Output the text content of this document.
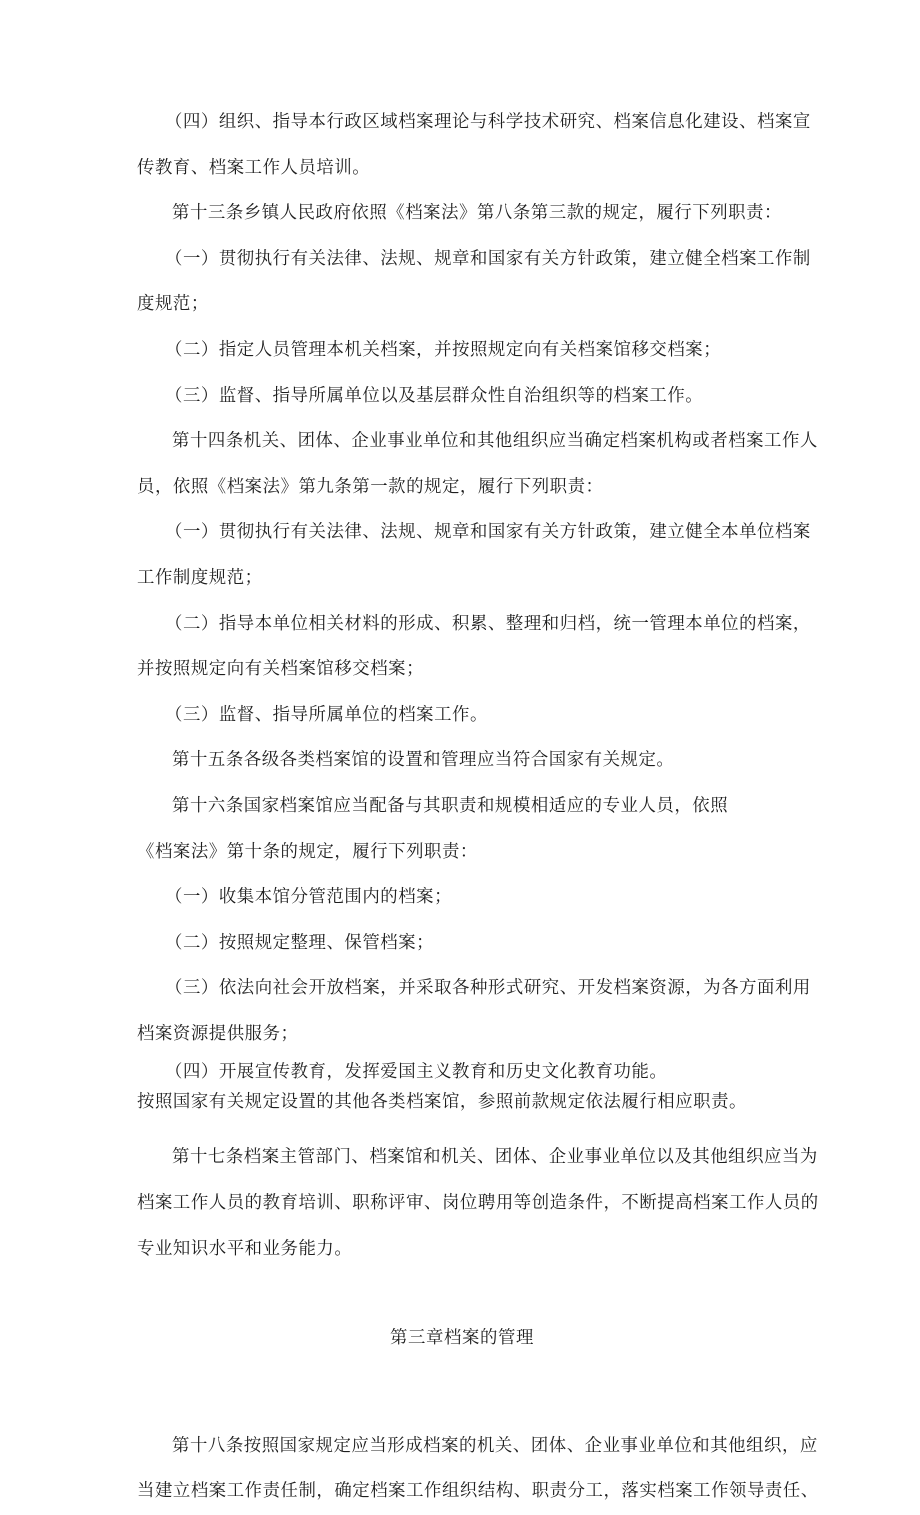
（四）组织、指导本行政区域档案理论与科学技术研究、档案信息化建设、档案宣
传教育、档案工作人员培训。
第十三条乡镇人民政府依照《档案法》第八条第三款的规定，履行下列职责：
（一）贯彻执行有关法律、法规、规章和国家有关方针政策，建立健全档案工作制
度规范；
（二）指定人员管理本机关档案，并按照规定向有关档案馆移交档案；
（三）监督、指导所属单位以及基层群众性自治组织等的档案工作。
第十四条机关、团体、企业事业单位和其他组织应当确定档案机构或者档案工作人
员，依照《档案法》第九条第一款的规定，履行下列职责：
（一）贯彻执行有关法律、法规、规章和国家有关方针政策，建立健全本单位档案
工作制度规范；
（二）指导本单位相关材料的形成、积累、整理和归档，统一管理本单位的档案，
并按照规定向有关档案馆移交档案；
（三）监督、指导所属单位的档案工作。
第十五条各级各类档案馆的设置和管理应当符合国家有关规定。
第十六条国家档案馆应当配备与其职责和规模相适应的专业人员，依照
《档案法》第十条的规定，履行下列职责：
（一）收集本馆分管范围内的档案；
（二）按照规定整理、保管档案；
（三）依法向社会开放档案，并采取各种形式研究、开发档案资源，为各方面利用
档案资源提供服务；
（四）开展宣传教育，发挥爱国主义教育和历史文化教育功能。
按照国家有关规定设置的其他各类档案馆，参照前款规定依法履行相应职责。
第十七条档案主管部门、档案馆和机关、团体、企业事业单位以及其他组织应当为
档案工作人员的教育培训、职称评审、岗位聘用等创造条件，不断提高档案工作人员的
专业知识水平和业务能力。
第三章档案的管理
第十八条按照国家规定应当形成档案的机关、团体、企业事业单位和其他组织，应
当建立档案工作责任制，确定档案工作组织结构、职责分工，落实档案工作领导责任、
